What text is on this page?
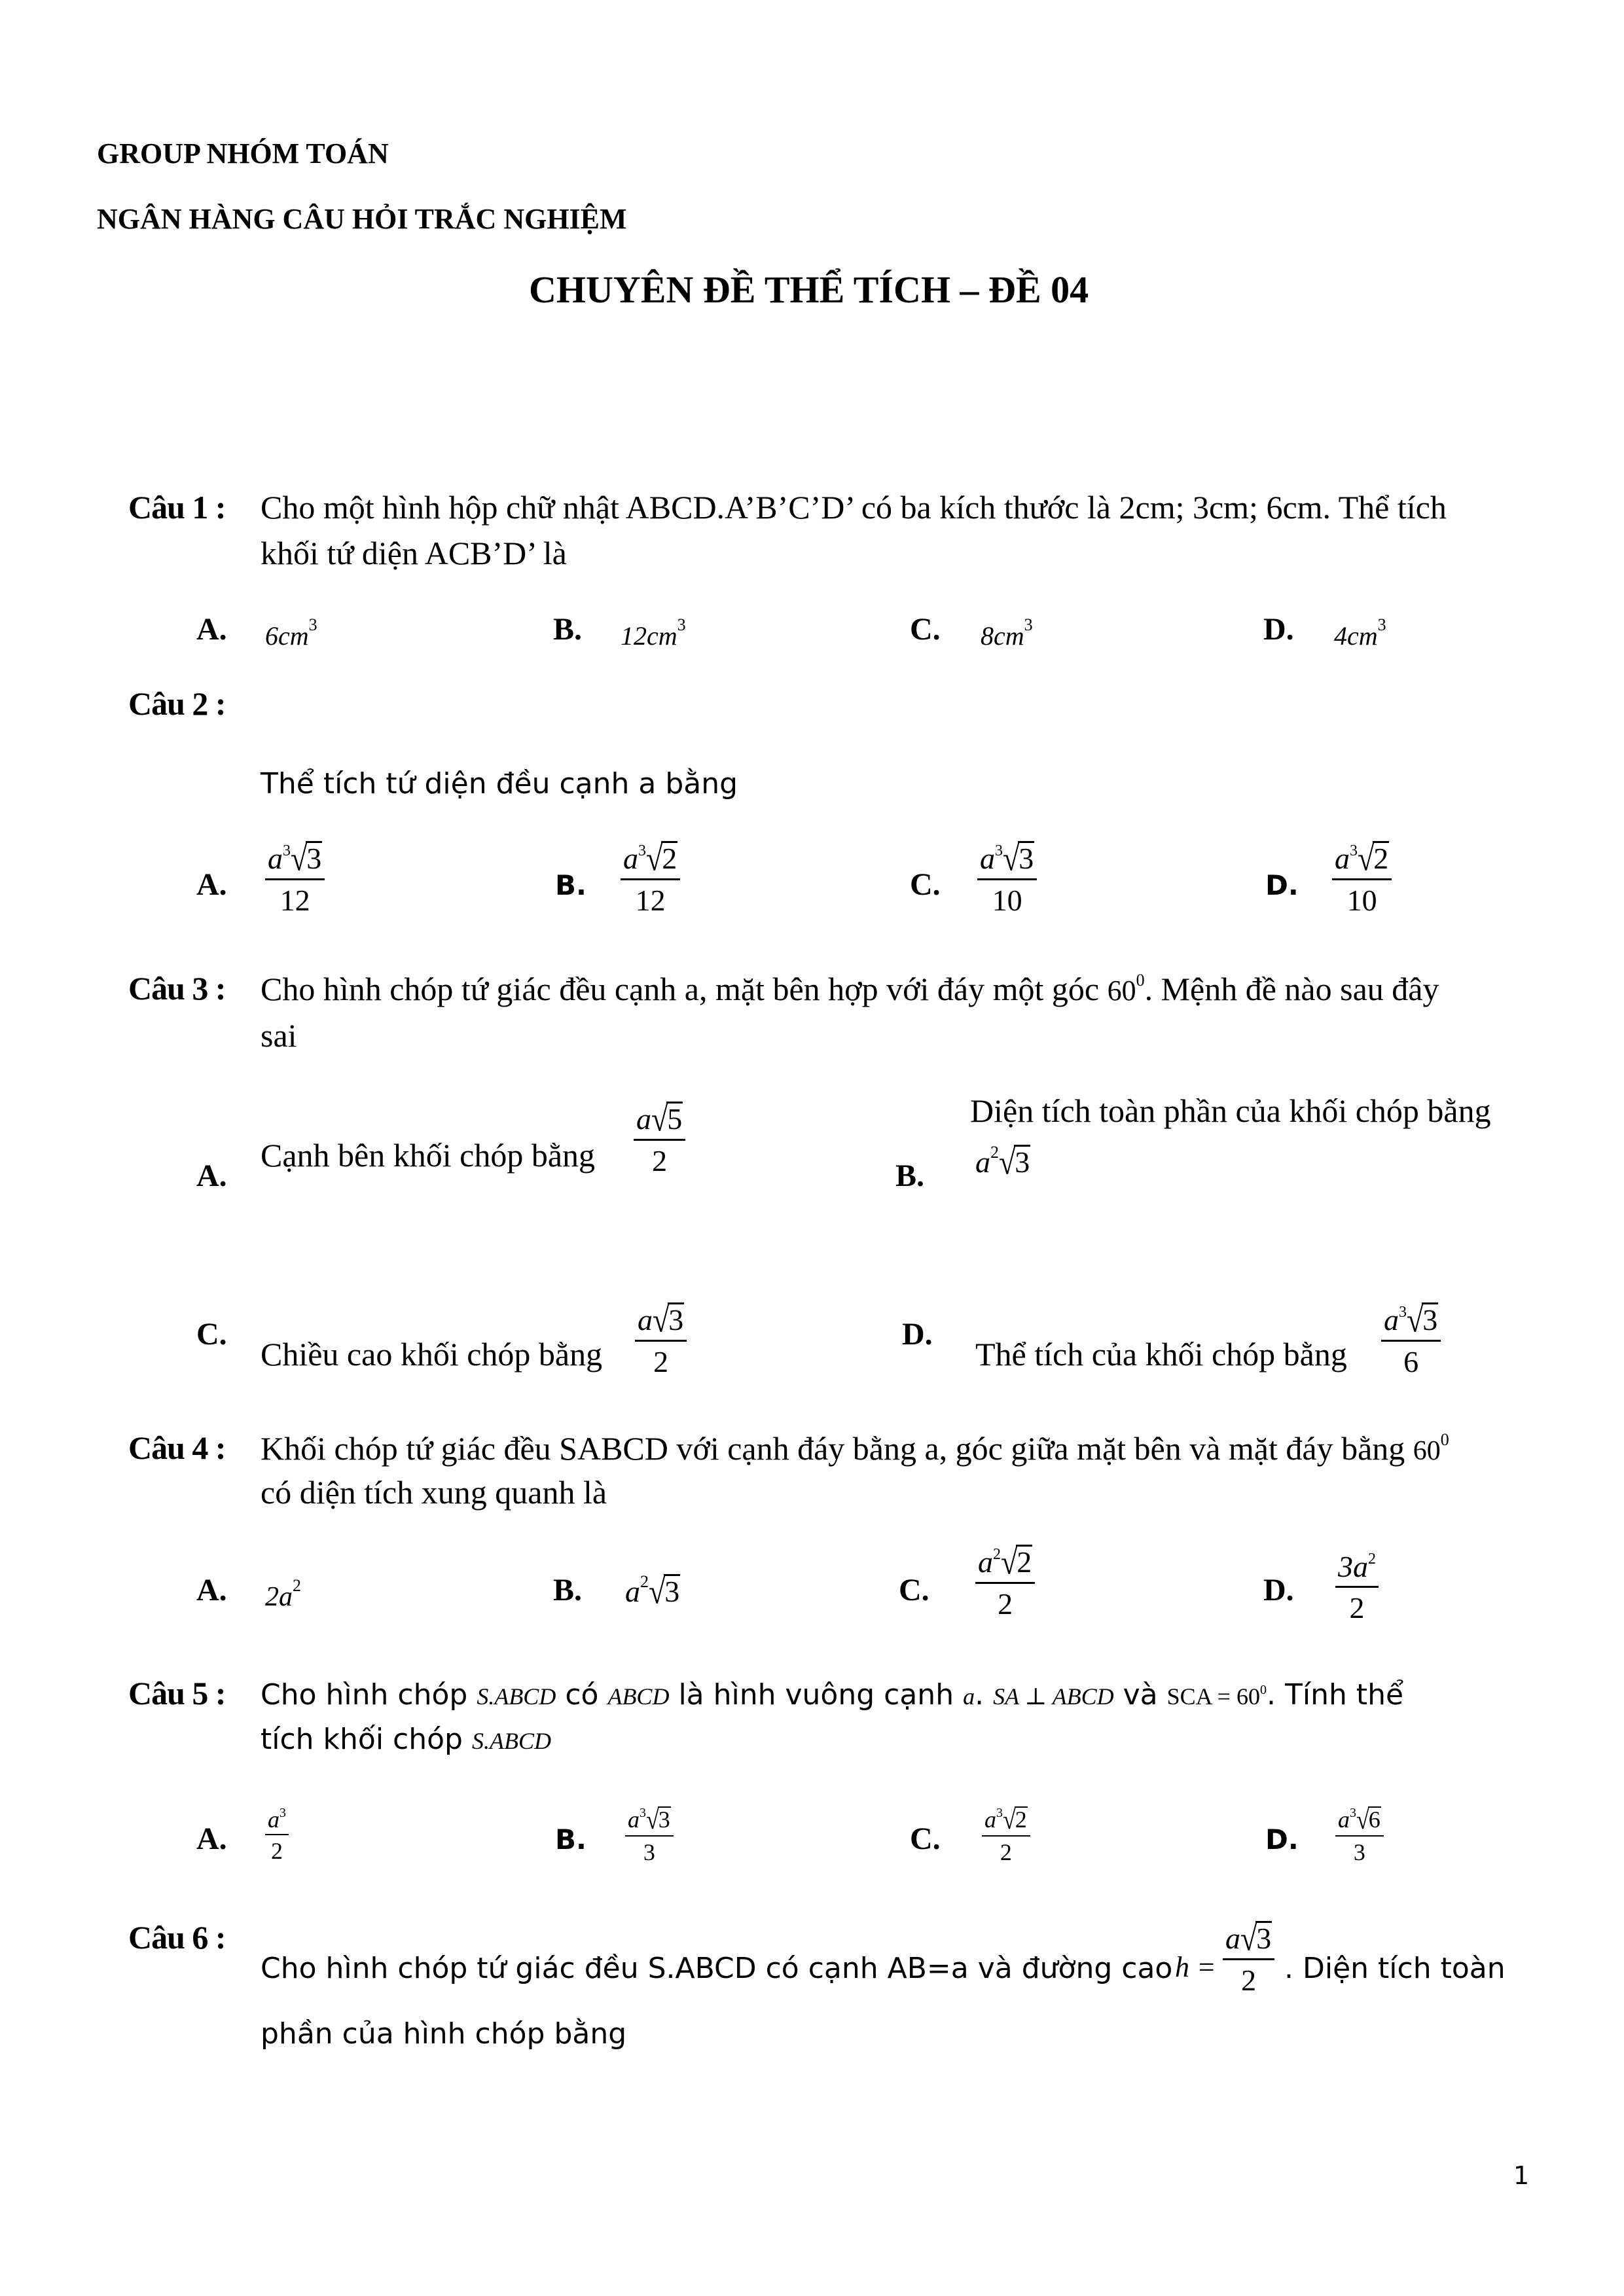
GROUP NHÓM TOÁN
NGÂN HÀNG CÂU HỎI TRẮC NGHIỆM
CHUYÊN ĐỀ THỂ TÍCH – ĐỀ 04
Câu 1 : Cho một hình hộp chữ nhật ABCD.A’B’C’D’ có ba kích thước là 2cm; 3cm; 6cm. Thể tích
khối tứ diện ACB’D’ là
A. $6cm^3$	B. $12cm^3$	C. $8cm^3$	D. $4cm^3$
Câu 2 :
Thể tích tứ diện đều cạnh a bằng
A.
$a^3√3$
12	B.
$a^3√2$
12	C.
$a^3√3$
10	D.
$a^3√2$
10
Câu 3 : Cho hình chóp tứ giác đều cạnh a, mặt bên hợp với đáy một góc $60^0$. Mệnh đề nào sau đây
sai
A.
Cạnh bên khối chóp bằng
a√5
2	B.
Diện tích toàn phần của khối chóp bằng
$a^2√3$
C.
Chiều cao khối chóp bằng
a√3
2
D.
Thể tích của khối chóp bằng
$a^3√3$
6
Câu 4 : Khối chóp tứ giác đều SABCD với cạnh đáy bằng a, góc giữa mặt bên và mặt đáy bằng $60^0$
có diện tích xung quanh là
A. $2a^2$	B. $a^2√3$	C.
$a^2√2$
2	D.
$3a^2$
2
Câu 5 : Cho hình chóp S.ABCD có ABCD là hình vuông cạnh a. SA ⊥ ABCD và SCA = $60^0$. Tính thể
tích khối chóp S.ABCD
A.
$a^3$
2	B.
$a^3√3$
3	C.
$a^3√2$
2	D.
$a^3√6$
3
Câu 6 :
Cho hình chóp tứ giác đều S.ABCD có cạnh AB=a và đường cao h =
a√3
2 . Diện tích toàn
phần của hình chóp bằng
1
